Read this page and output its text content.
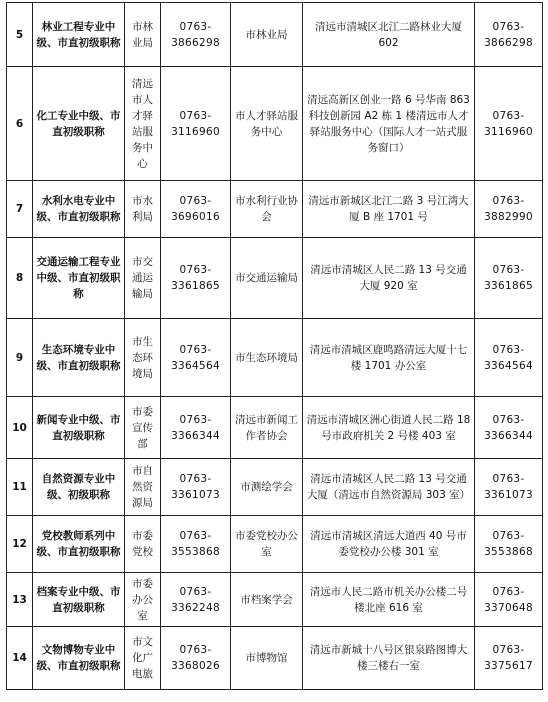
5	林业工程专业中级、市直初级职称	市林业局	0763-3866298	市林业局	清远市清城区北江二路林业大厦 602	0763-3866298
6	化工专业中级、市直初级职称	清远市人才驿站服务中心	0763-3116960	市人才驿站服务中心	清远高新区创业一路 6 号华南 863 科技创新园 A2 栋 1 楼清远市人才驿站服务中心（国际人才一站式服务窗口）	0763-3116960
7	水利水电专业中级、市直初级职称	市水利局	0763-3696016	市水利行业协会	清远市新城区北江二路 3 号江湾大厦 B 座 1701 号	0763-3882990
8	交通运输工程专业中级、市直初级职称	市交通运输局	0763-3361865	市交通运输局	清远市清城区人民二路 13 号交通大厦 920 室	0763-3361865
9	生态环境专业中级、市直初级职称	市生态环境局	0763-3364564	市生态环境局	清远市清城区鹿鸣路清远大厦十七楼 1701 办公室	0763-3364564
10	新闻专业中级、市直初级职称	市委宣传部	0763-3366344	清远市新闻工作者协会	清远市清城区洲心街道人民二路 18 号市政府机关 2 号楼 403 室	0763-3366344
11	自然资源专业中级、初级职称	市自然资源局	0763-3361073	市测绘学会	清远市清城区人民二路 13 号交通大厦（清远市自然资源局 303 室）	0763-3361073
12	党校教师系列中级、市直初级职称	市委党校	0763-3553868	市委党校办公室	清远市清城区清远大道西 40 号市委党校办公楼 301 室	0763-3553868
13	档案专业中级、市直初级职称	市委办公室	0763-3362248	市档案学会	清远市人民二路市机关办公楼二号楼北座 616 室	0763-3370648
14	文物博物专业中级、市直初级职称	市文化广电旅	0763-3368026	市博物馆	清远市新城十八号区银泉路图博大楼三楼右一室	0763-3375617
